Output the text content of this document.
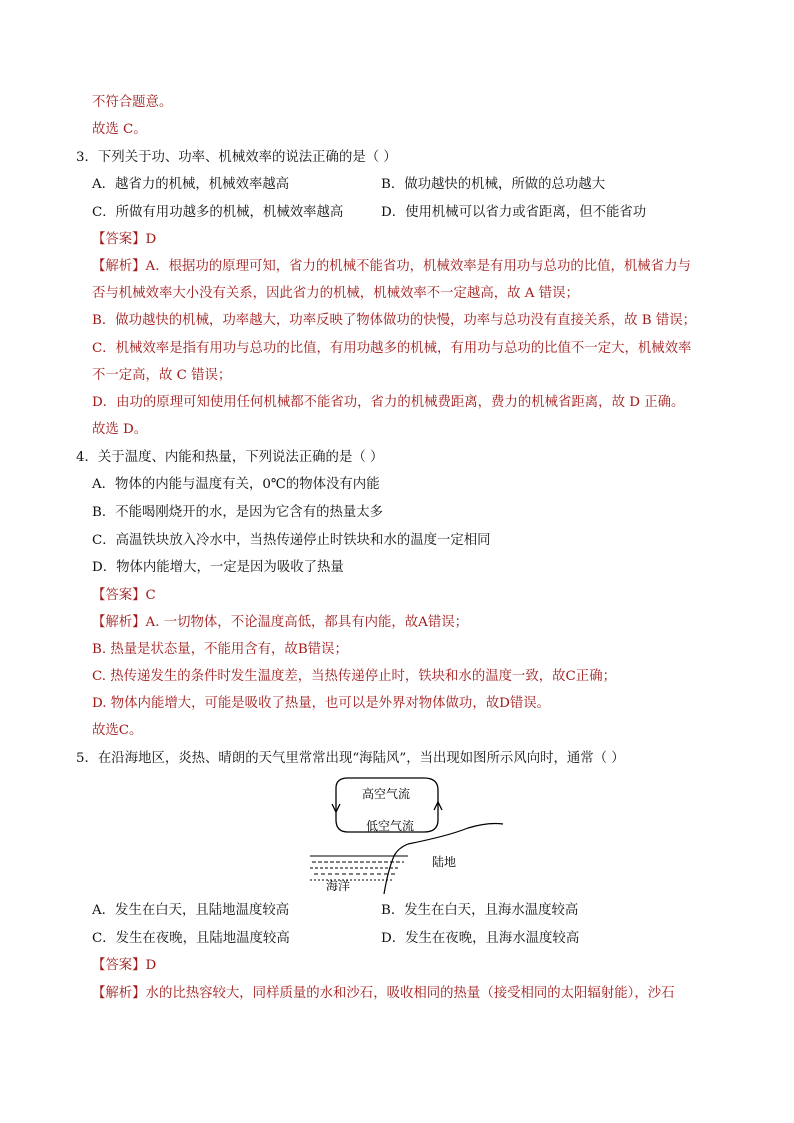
不符合题意。
故选 C。
3．下列关于功、功率、机械效率的说法正确的是（ ）
A．越省力的机械，机械效率越高	B．做功越快的机械，所做的总功越大
C．所做有用功越多的机械，机械效率越高	D．使用机械可以省力或省距离，但不能省功
【答案】D
【解析】A．根据功的原理可知，省力的机械不能省功，机械效率是有用功与总功的比值，机械省力与
否与机械效率大小没有关系，因此省力的机械，机械效率不一定越高，故 A 错误；
B．做功越快的机械，功率越大，功率反映了物体做功的快慢，功率与总功没有直接关系，故 B 错误；
C．机械效率是指有用功与总功的比值，有用功越多的机械，有用功与总功的比值不一定大，机械效率
不一定高，故 C 错误；
D．由功的原理可知使用任何机械都不能省功，省力的机械费距离，费力的机械省距离，故 D 正确。
故选 D。
4．关于温度、内能和热量，下列说法正确的是（ ）
A．物体的内能与温度有关，0℃的物体没有内能
B．不能喝刚烧开的水，是因为它含有的热量太多
C．高温铁块放入冷水中，当热传递停止时铁块和水的温度一定相同
D．物体内能增大，一定是因为吸收了热量
【答案】C
【解析】A. 一切物体，不论温度高低，都具有内能，故A错误；
B. 热量是状态量，不能用含有，故B错误；
C. 热传递发生的条件时发生温度差，当热传递停止时，铁块和水的温度一致，故C正确；
D. 物体内能增大，可能是吸收了热量，也可以是外界对物体做功，故D错误。
故选C。
5．在沿海地区，炎热、晴朗的天气里常常出现“海陆风”，当出现如图所示风向时，通常（ ）
高空气流
低空气流
陆地
海洋
A．发生在白天，且陆地温度较高	B．发生在白天，且海水温度较高
C．发生在夜晚，且陆地温度较高	D．发生在夜晚，且海水温度较高
【答案】D
【解析】水的比热容较大，同样质量的水和沙石，吸收相同的热量（接受相同的太阳辐射能），沙石
